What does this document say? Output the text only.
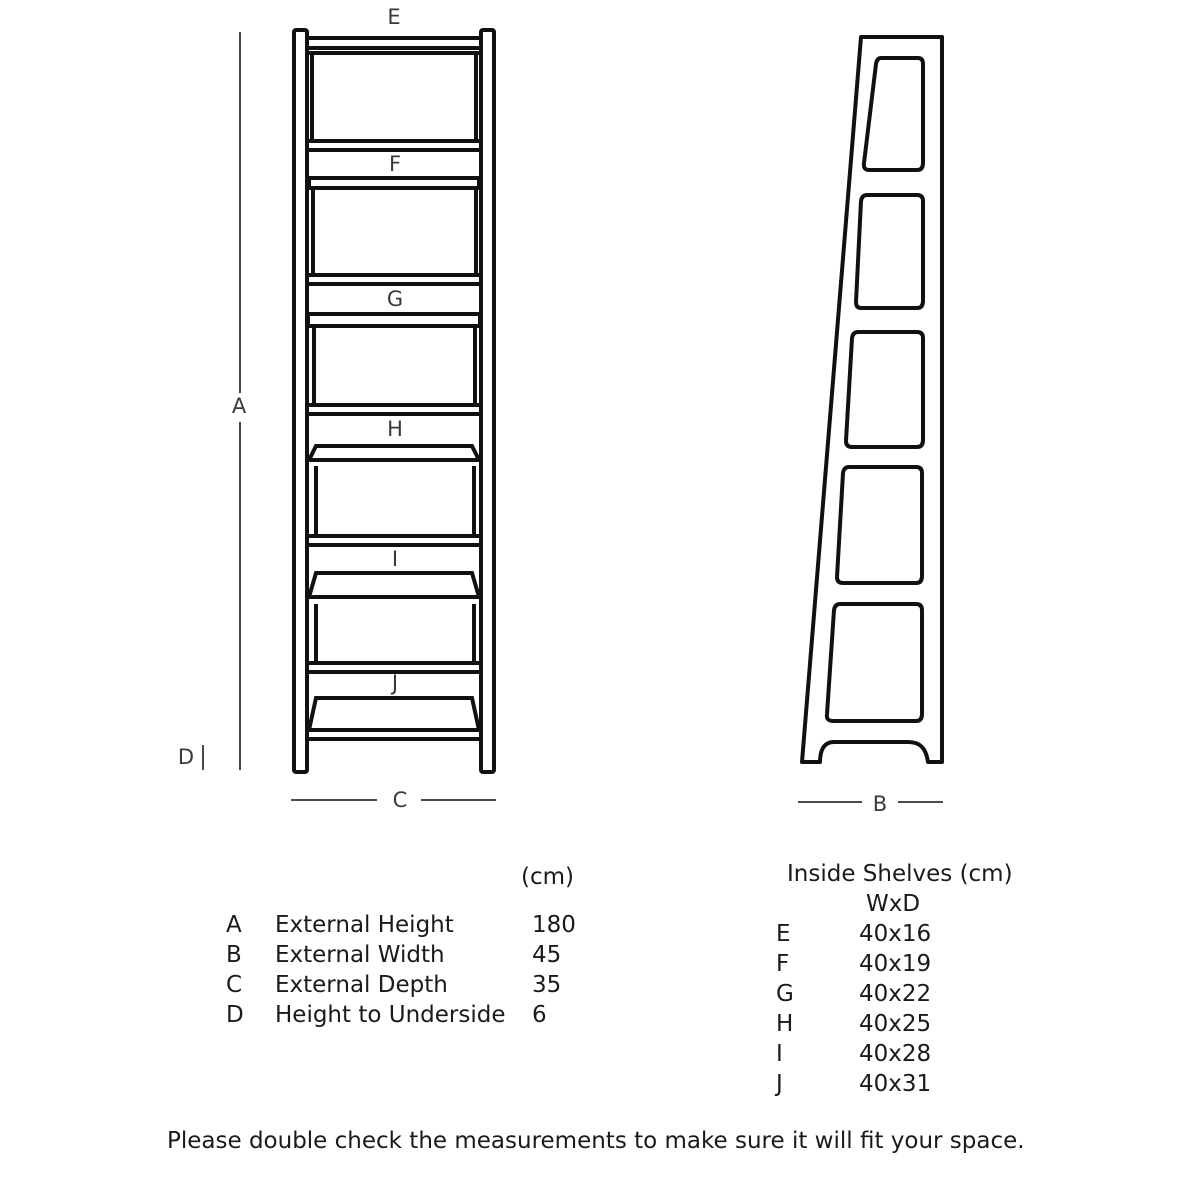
A
D
E
F
G
H
I
J
C	B
(cm)
A
B
C
D
External Height
External Width
External Depth
Height to Underside
180
45
35
6
Inside Shelves (cm)
WxD
E
F
G
H
I
J
40x16
40x19
40x22
40x25
40x28
40x31
Please double check the measurements to make sure it will fit your space.
